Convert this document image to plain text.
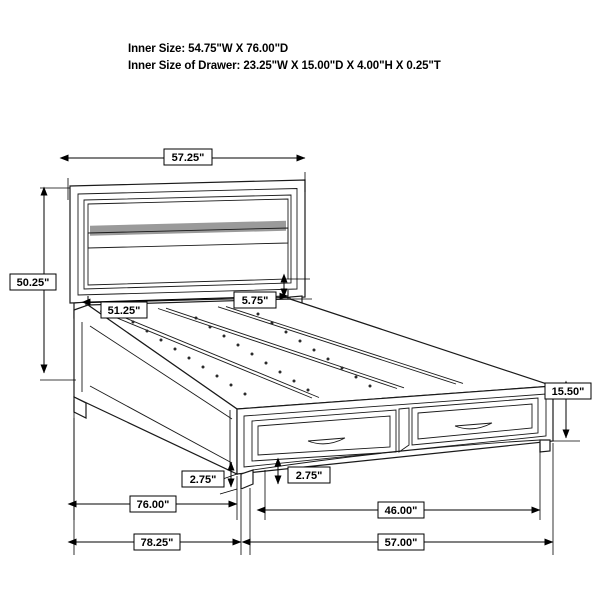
Inner Size: 54.75"W X 76.00"D
Inner Size of Drawer: 23.25"W X 15.00"D X 4.00"H X 0.25"T
57.25"
50.25"
51.25"
5.75"
15.50"
2.75"	2.75"
76.00"	46.00"
78.25"	57.00"
